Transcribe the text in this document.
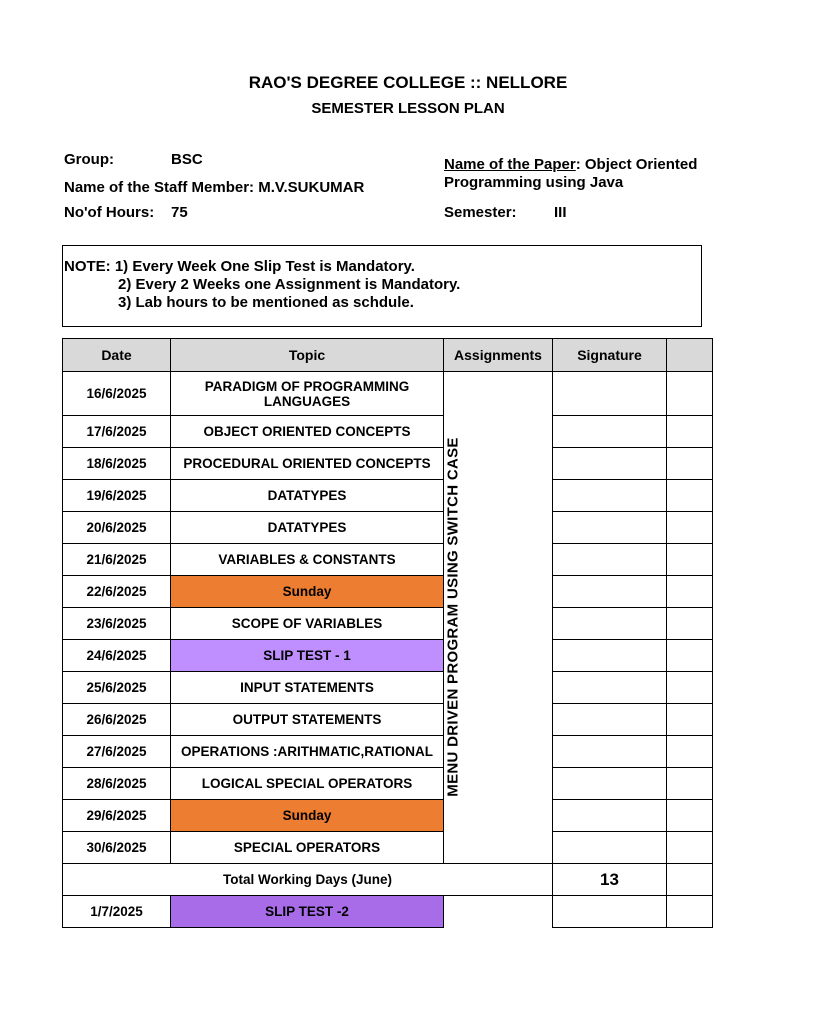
RAO'S DEGREE COLLEGE :: NELLORE
SEMESTER LESSON PLAN
Group:	BSC
Name of the Staff Member: M.V.SUKUMAR
No'of Hours: 75
Name of the Paper: Object Oriented
Programming using Java
Semester: III
NOTE: 1) Every Week One Slip Test is Mandatory.
2) Every 2 Weeks one Assignment is Mandatory.
3) Lab hours to be mentioned as schdule.
Date	Topic	Assignments	Signature	
16/6/2025	PARADIGM OF PROGRAMMING LANGUAGES			
17/6/2025	OBJECT ORIENTED CONCEPTS			
18/6/2025	PROCEDURAL ORIENTED CONCEPTS			
19/6/2025	DATATYPES			
20/6/2025	DATATYPES			
21/6/2025	VARIABLES & CONSTANTS			
22/6/2025	Sunday			
23/6/2025	SCOPE OF VARIABLES			
24/6/2025	SLIP TEST - 1			
25/6/2025	INPUT STATEMENTS			
26/6/2025	OUTPUT STATEMENTS			
27/6/2025	OPERATIONS :ARITHMATIC,RATIONAL			
28/6/2025	LOGICAL SPECIAL OPERATORS			
29/6/2025	Sunday			
30/6/2025	SPECIAL OPERATORS			
Total Working Days (June)			13	
1/7/2025	SLIP TEST -2			
MENU DRIVEN PROGRAM USING SWITCH CASE
